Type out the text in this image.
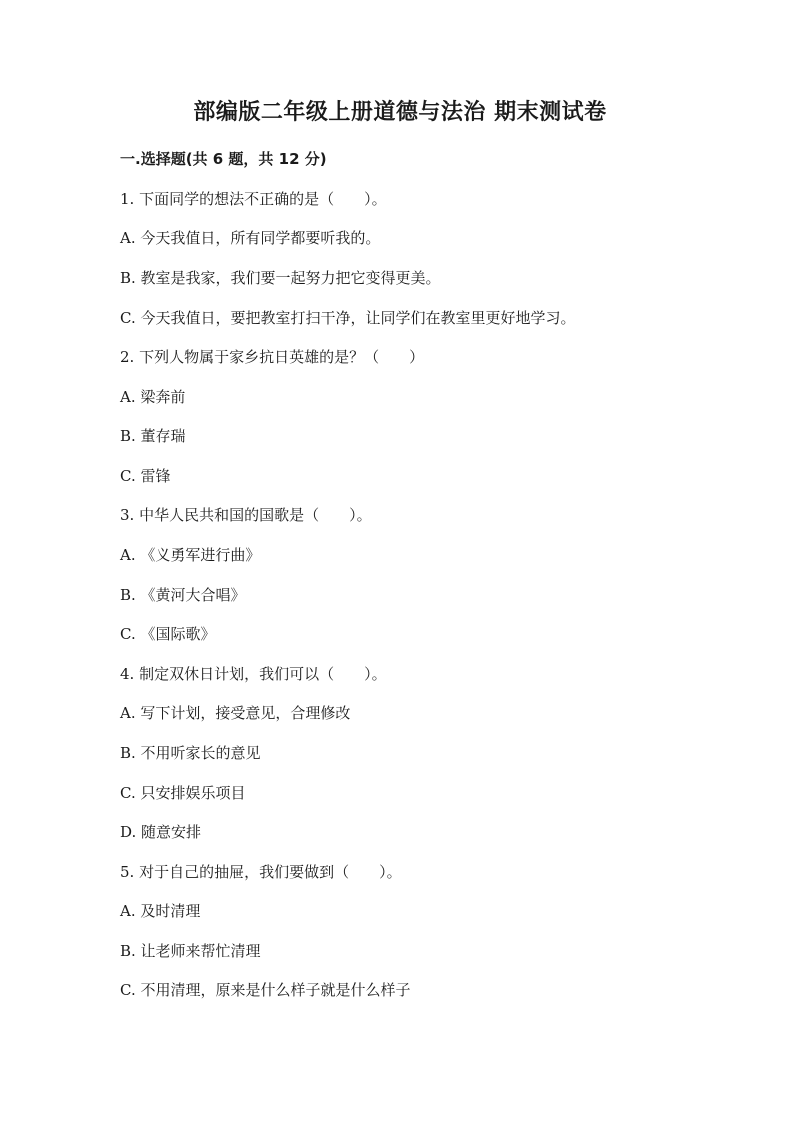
部编版二年级上册道德与法治 期末测试卷
一.选择题(共 6 题，共 12 分)
1. 下面同学的想法不正确的是（　　）。
A. 今天我值日，所有同学都要听我的。
B. 教室是我家，我们要一起努力把它变得更美。
C. 今天我值日，要把教室打扫干净，让同学们在教室里更好地学习。
2. 下列人物属于家乡抗日英雄的是？（　　）
A. 梁奔前
B. 董存瑞
C. 雷锋
3. 中华人民共和国的国歌是（　　）。
A. 《义勇军进行曲》
B. 《黄河大合唱》
C. 《国际歌》
4. 制定双休日计划，我们可以（　　）。
A. 写下计划，接受意见，合理修改
B. 不用听家长的意见
C. 只安排娱乐项目
D. 随意安排
5. 对于自己的抽屉，我们要做到（　　）。
A. 及时清理
B. 让老师来帮忙清理
C. 不用清理，原来是什么样子就是什么样子
